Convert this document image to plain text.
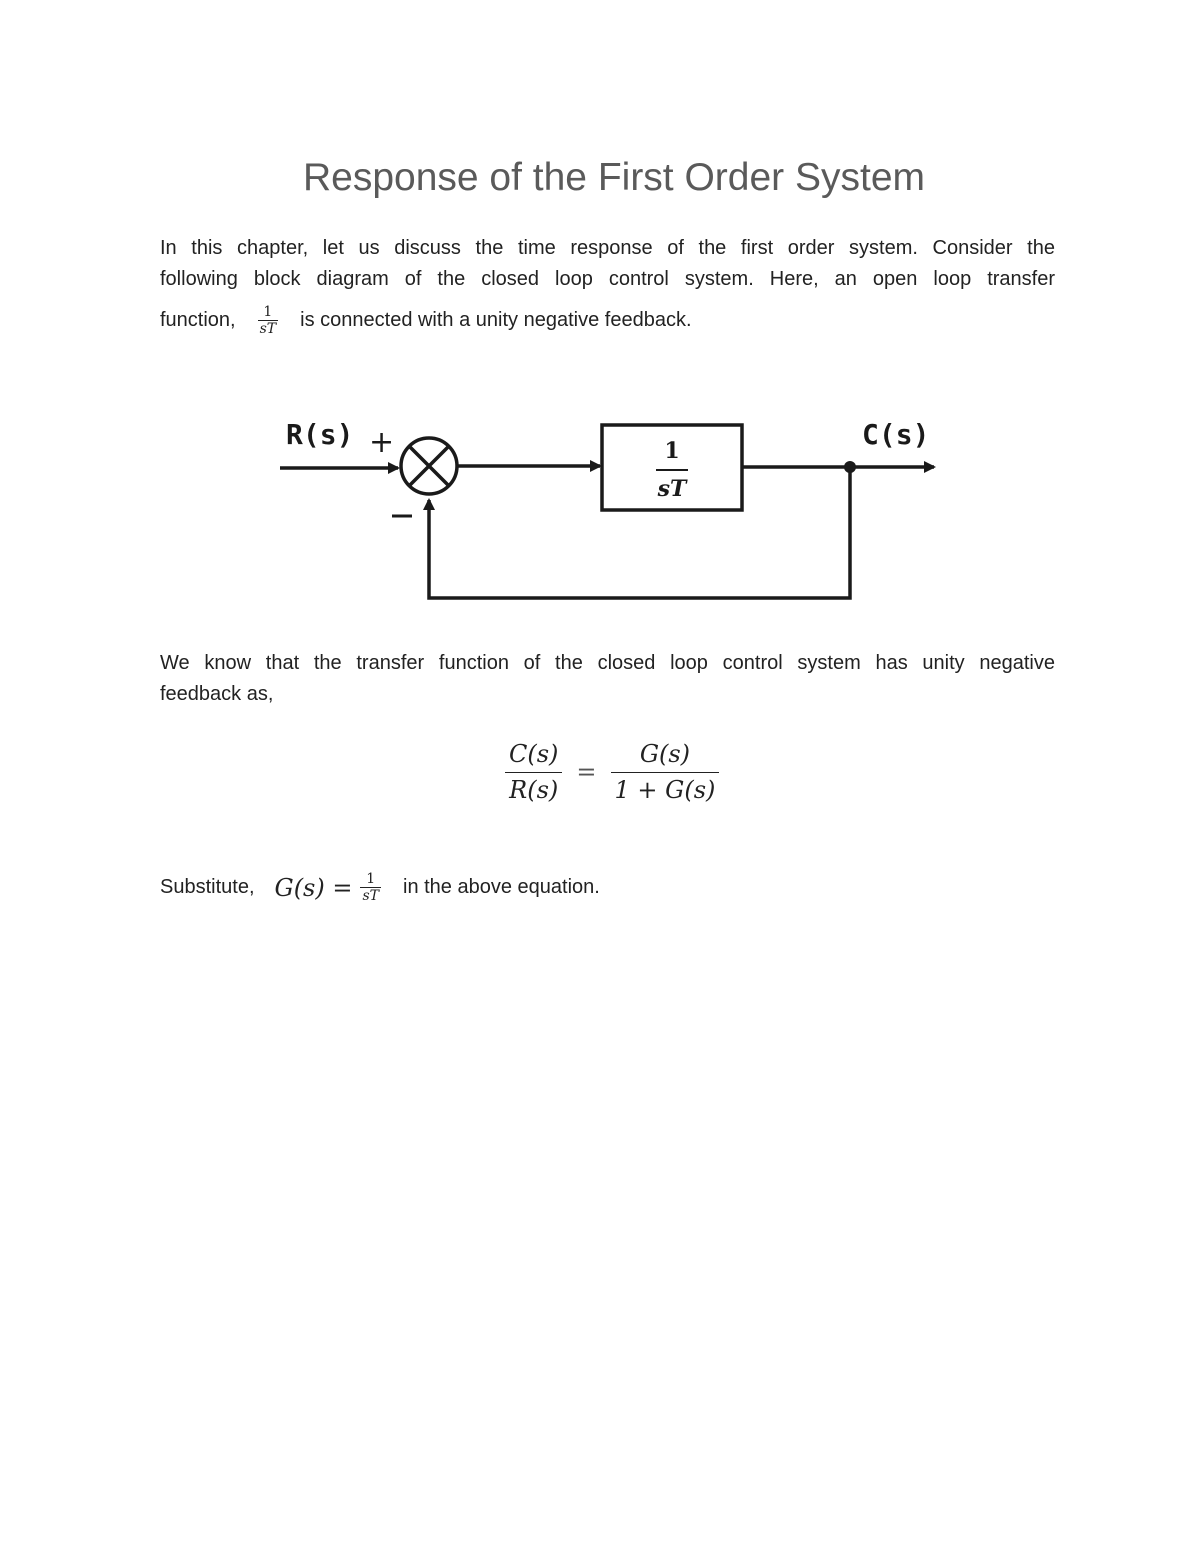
Response of the First Order System
In this chapter, let us discuss the time response of the first order system. Consider the
following block diagram of the closed loop control system. Here, an open loop transfer
function, $\frac{1}{sT}$ is connected with a unity negative feedback.
R(s) +	1
sT
C(s)
We know that the transfer function of the closed loop control system has unity negative
feedback as,
$\frac{C(s)}{R(s)} = \frac{G(s)}{1 + G(s)}$
Substitute, $G(s) = \frac{1}{sT}$ in the above equation.
